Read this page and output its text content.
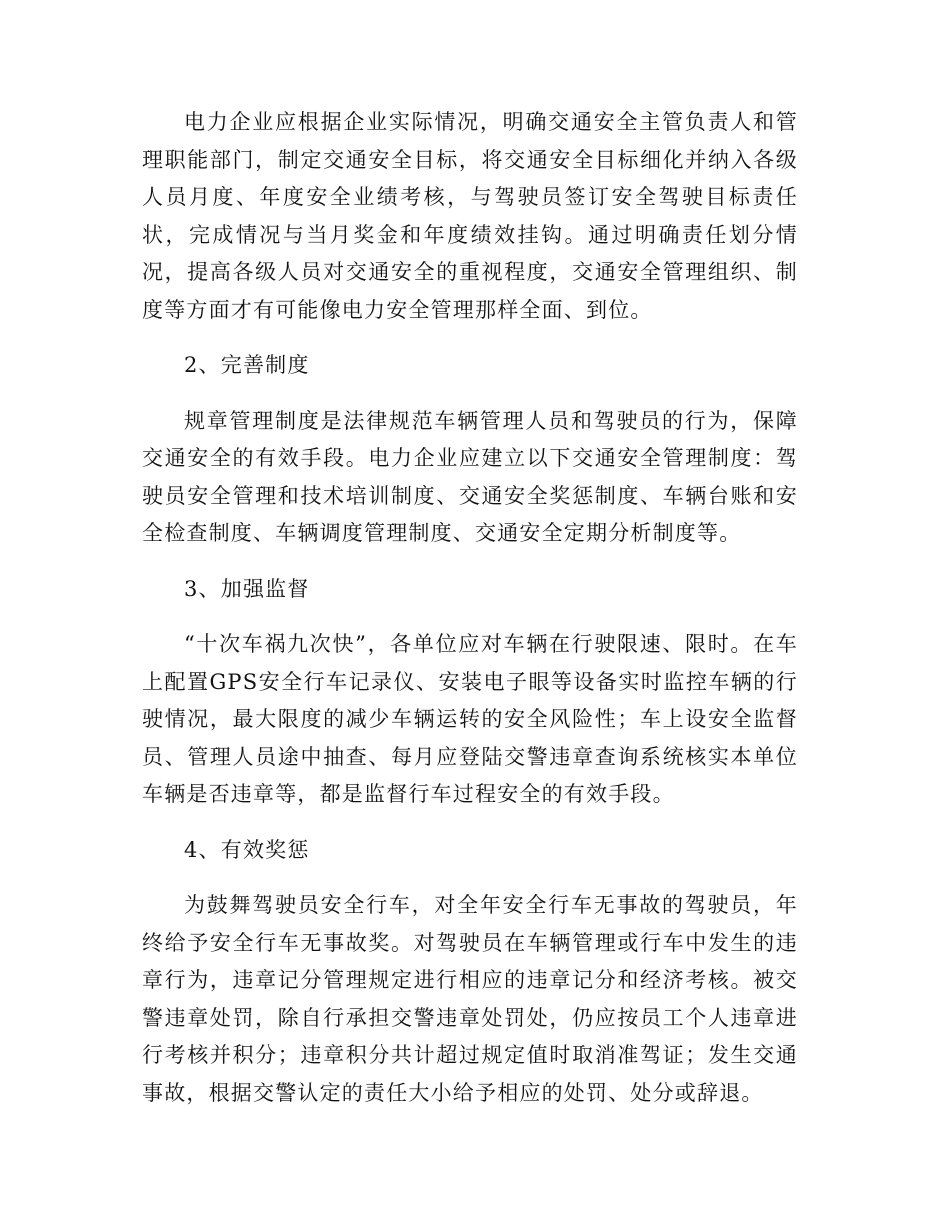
电力企业应根据企业实际情况，明确交通安全主管负责人和管理职能部门，制定交通安全目标，将交通安全目标细化并纳入各级人员月度、年度安全业绩考核，与驾驶员签订安全驾驶目标责任状，完成情况与当月奖金和年度绩效挂钩。通过明确责任划分情况，提高各级人员对交通安全的重视程度，交通安全管理组织、制度等方面才有可能像电力安全管理那样全面、到位。

2、完善制度

规章管理制度是法律规范车辆管理人员和驾驶员的行为，保障交通安全的有效手段。电力企业应建立以下交通安全管理制度：驾驶员安全管理和技术培训制度、交通安全奖惩制度、车辆台账和安全检查制度、车辆调度管理制度、交通安全定期分析制度等。

3、加强监督

“十次车祸九次快”，各单位应对车辆在行驶限速、限时。在车上配置GPS安全行车记录仪、安装电子眼等设备实时监控车辆的行驶情况，最大限度的减少车辆运转的安全风险性；车上设安全监督员、管理人员途中抽查、每月应登陆交警违章查询系统核实本单位车辆是否违章等，都是监督行车过程安全的有效手段。

4、有效奖惩

为鼓舞驾驶员安全行车，对全年安全行车无事故的驾驶员，年终给予安全行车无事故奖。对驾驶员在车辆管理或行车中发生的违章行为，违章记分管理规定进行相应的违章记分和经济考核。被交警违章处罚，除自行承担交警违章处罚处，仍应按员工个人违章进行考核并积分；违章积分共计超过规定值时取消准驾证；发生交通事故，根据交警认定的责任大小给予相应的处罚、处分或辞退。
